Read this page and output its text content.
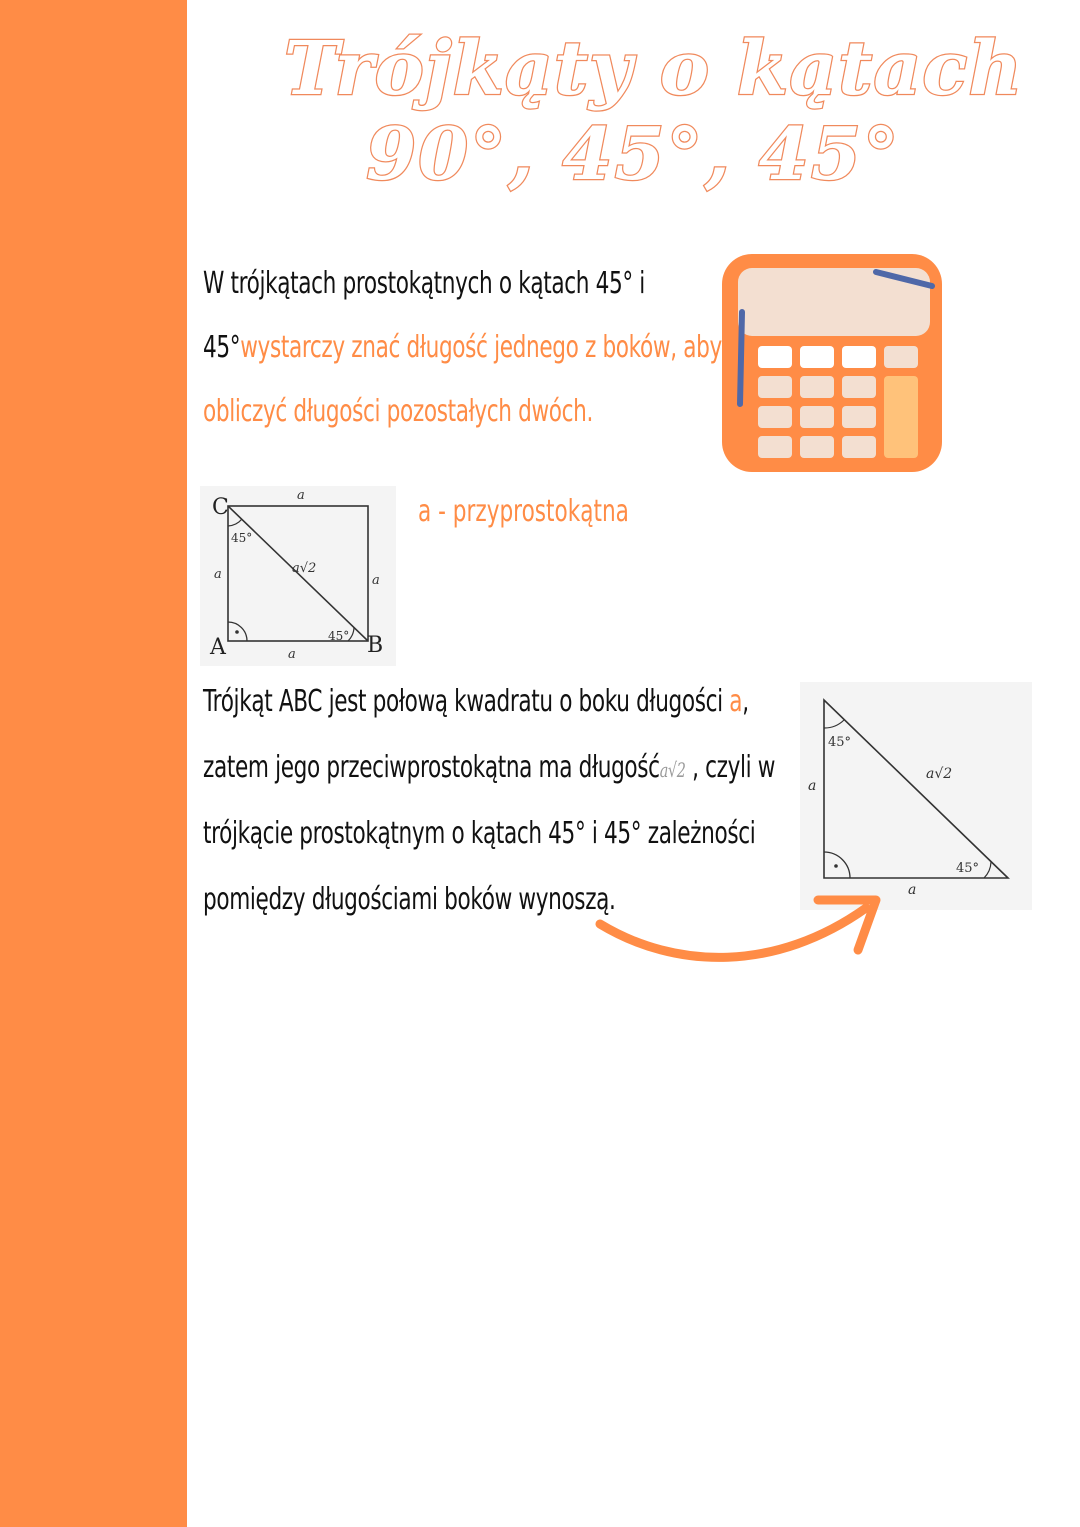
Trójkąty o kątach
90°, 45°, 45°
W trójkątach prostokątnych o kątach 45° i
45°wystarczy znać długość jednego z boków, aby
obliczyć długości pozostałych dwóch.
C
A	B
a
a	a
a
a√2
45°
45°
a - przyprostokątna
Trójkąt ABC jest połową kwadratu o boku długości a,
zatem jego przeciwprostokątna ma długośća√2 , czyli w
trójkącie prostokątnym o kątach 45° i 45° zależności
pomiędzy długościami boków wynoszą.
45°
45°
a
a
a√2
